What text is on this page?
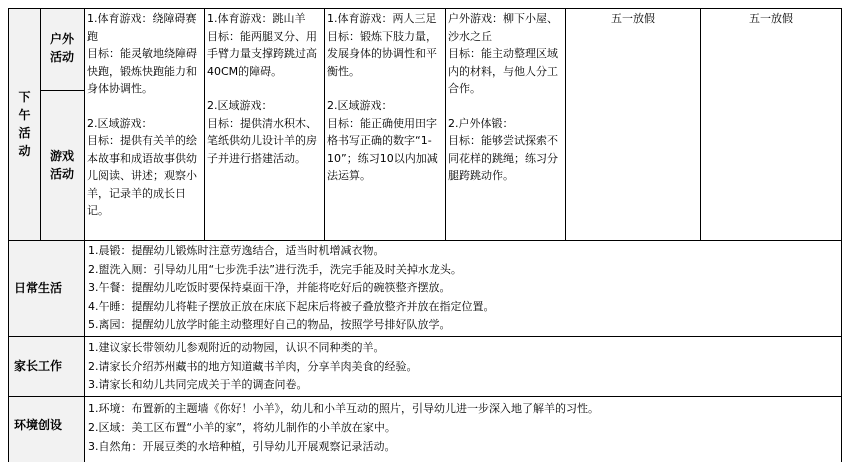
下
午
活
动
户外
活动
游戏
活动
1.体育游戏：绕障碍赛跑
目标：能灵敏地绕障碍快跑，锻炼快跑能力和身体协调性。
2.区域游戏：
目标：提供有关羊的绘本故事和成语故事供幼儿阅读、讲述；观察小羊，记录羊的成长日记。
1.体育游戏：跳山羊
目标：能两腿叉分、用手臂力量支撑跨跳过高40CM的障碍。
2.区域游戏：
目标：提供清水积木、笔纸供幼儿设计羊的房子并进行搭建活动。
1.体育游戏：两人三足
目标：锻炼下肢力量，发展身体的协调性和平衡性。
2.区域游戏：
目标：能正确使用田字格书写正确的数字“1-10”；练习10以内加减法运算。
户外游戏：柳下小屋、沙水之丘
目标：能主动整理区域内的材料，与他人分工合作。
2.户外体锻：
目标：能够尝试探索不同花样的跳绳；练习分腿跨跳动作。
五一放假	五一放假
日常生活
1.晨锻：提醒幼儿锻炼时注意劳逸结合，适当时机增减衣物。
2.盥洗入厕：引导幼儿用“七步洗手法”进行洗手，洗完手能及时关掉水龙头。
3.午餐：提醒幼儿吃饭时要保持桌面干净，并能将吃好后的碗筷整齐摆放。
4.午睡：提醒幼儿将鞋子摆放正放在床底下起床后将被子叠放整齐并放在指定位置。
5.离园：提醒幼儿放学时能主动整理好自己的物品，按照学号排好队放学。
家长工作
1.建议家长带领幼儿参观附近的动物园，认识不同种类的羊。
2.请家长介绍苏州藏书的地方知道藏书羊肉，分享羊肉美食的经验。
3.请家长和幼儿共同完成关于羊的调查问卷。
环境创设
1.环境：布置新的主题墙《你好！小羊》，幼儿和小羊互动的照片，引导幼儿进一步深入地了解羊的习性。
2.区域：美工区布置“小羊的家”，将幼儿制作的小羊放在家中。
3.自然角：开展豆类的水培种植，引导幼儿开展观察记录活动。
